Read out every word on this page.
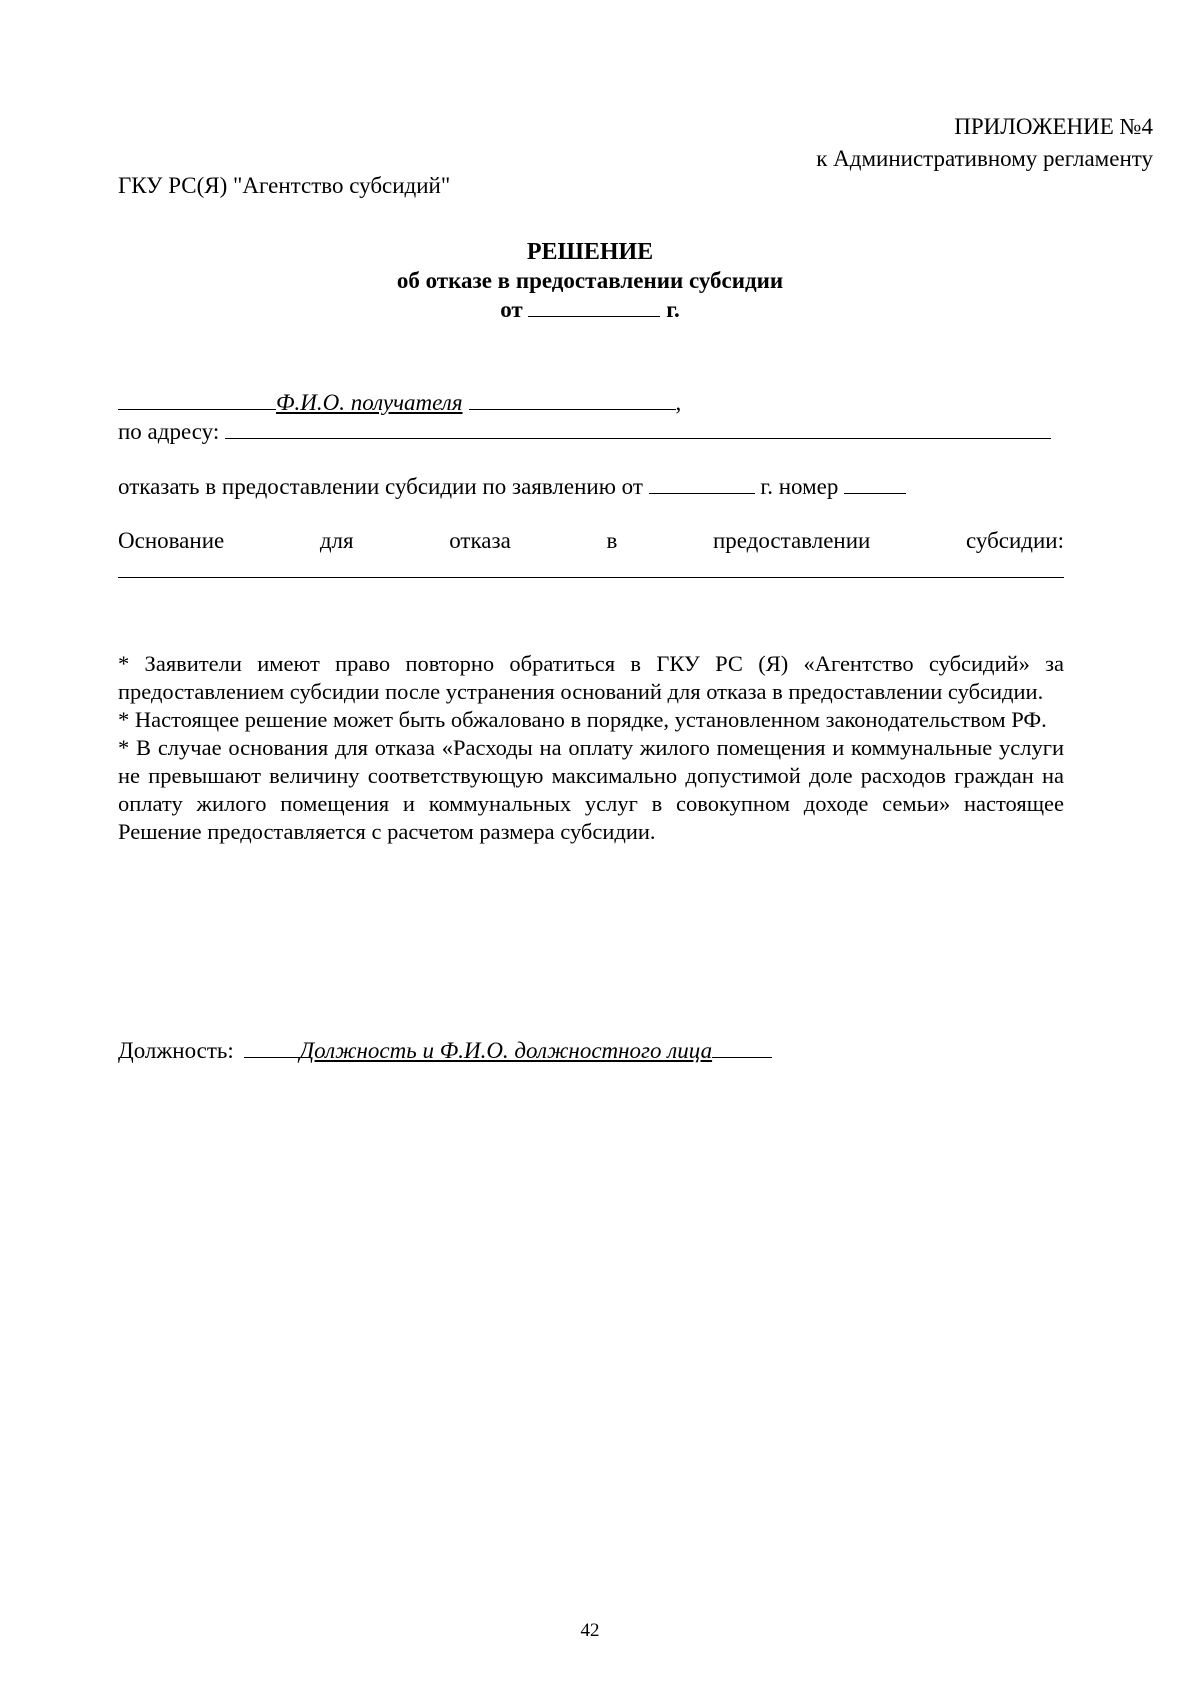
ПРИЛОЖЕНИЕ №4
к Административному регламенту
ГКУ РС(Я) "Агентство субсидий"
РЕШЕНИЕ
об отказе в предоставлении субсидии
от	г.
Ф.И.О. получателя	,
по адресу:
отказать в предоставлении субсидии по заявлению от	г. номер
Основание	для	отказа	в	предоставлении	субсидии:

* Заявители имеют право повторно обратиться в ГКУ РС (Я) «Агентство субсидий» за предоставлением субсидии после устранения оснований для отказа в предоставлении субсидии.

* Настоящее решение может быть обжаловано в порядке, установленном законодательством РФ.

* В случае основания для отказа «Расходы на оплату жилого помещения и коммунальные услуги не превышают величину соответствующую максимально допустимой доле расходов граждан на оплату жилого помещения и коммунальных услуг в совокупном доходе семьи» настоящее Решение предоставляется с расчетом размера субсидии.

Должность:	Должность и Ф.И.О. должностного лица
42
